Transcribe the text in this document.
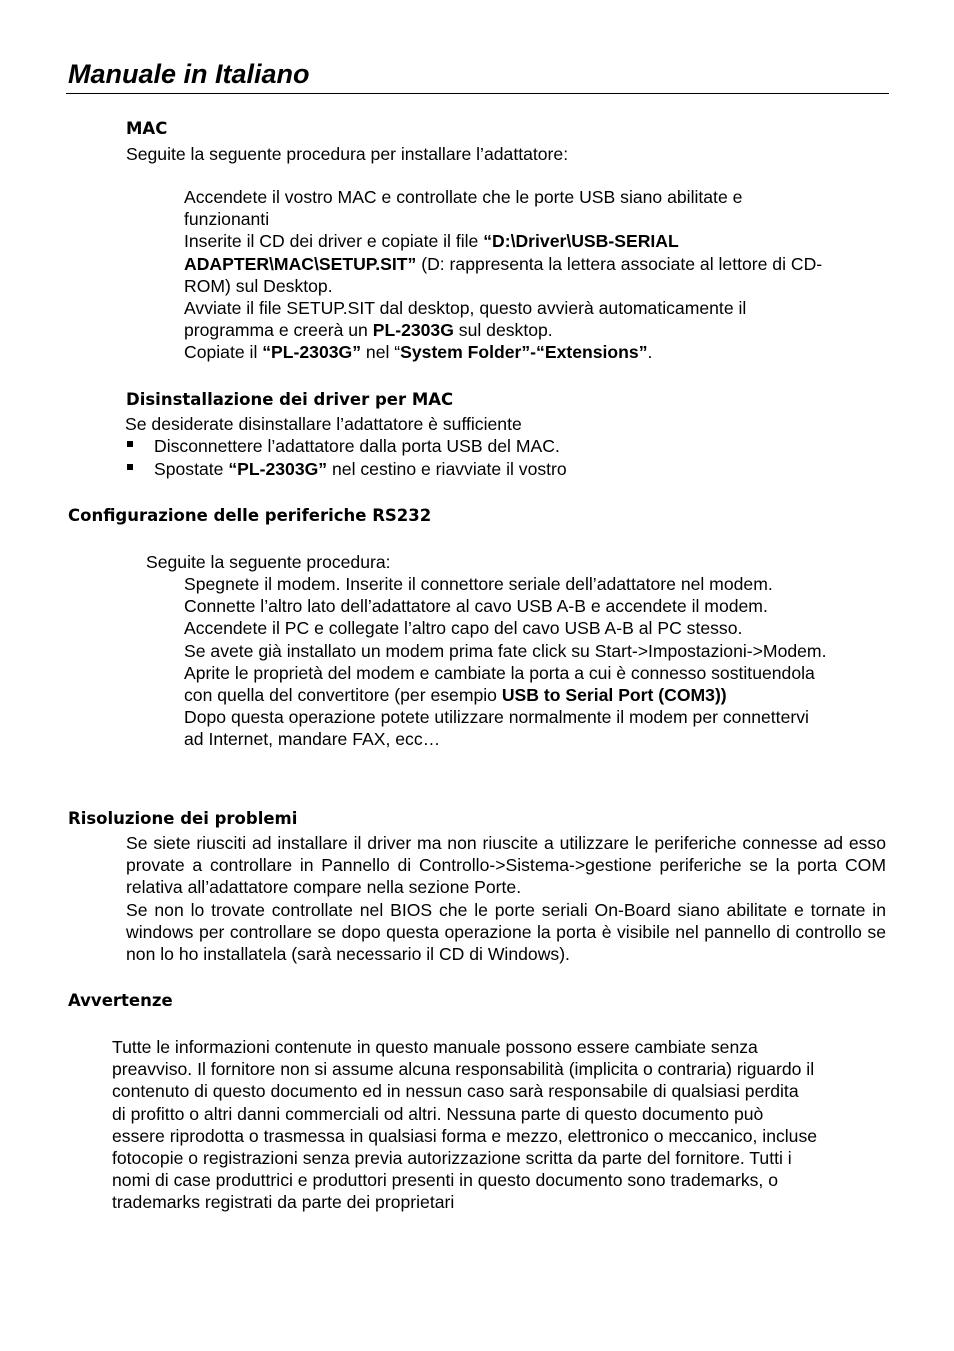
Manuale in Italiano
MAC
Seguite la seguente procedura per installare l’adattatore:
Accendete il vostro MAC e controllate che le porte USB siano abilitate e
funzionanti
Inserite il CD dei driver e copiate il file “D:\Driver\USB-SERIAL
ADAPTER\MAC\SETUP.SIT” (D: rappresenta la lettera associate al lettore di CD-
ROM) sul Desktop.
Avviate il file SETUP.SIT dal desktop, questo avvierà automaticamente il
programma e creerà un PL-2303G sul desktop.
Copiate il “PL-2303G” nel “System Folder”-“Extensions”.
Disinstallazione dei driver per MAC
Se desiderate disinstallare l’adattatore è sufficiente
Disconnettere l’adattatore dalla porta USB del MAC.
Spostate “PL-2303G” nel cestino e riavviate il vostro
Configurazione delle periferiche RS232
Seguite la seguente procedura:
Spegnete il modem. Inserite il connettore seriale dell’adattatore nel modem.
Connette l’altro lato dell’adattatore al cavo USB A-B e accendete il modem.
Accendete il PC e collegate l’altro capo del cavo USB A-B al PC stesso.
Se avete già installato un modem prima fate click su Start->Impostazioni->Modem.
Aprite le proprietà del modem e cambiate la porta a cui è connesso sostituendola
con quella del convertitore (per esempio USB to Serial Port (COM3))
Dopo questa operazione potete utilizzare normalmente il modem per connettervi
ad Internet, mandare FAX, ecc…
Risoluzione dei problemi

Se siete riusciti ad installare il driver ma non riuscite a utilizzare le periferiche connesse ad esso provate a controllare in Pannello di Controllo->Sistema->gestione periferiche se la porta COM relativa all’adattatore compare nella sezione Porte.

Se non lo trovate controllate nel BIOS che le porte seriali On-Board siano abilitate e tornate in windows per controllare se dopo questa operazione la porta è visibile nel pannello di controllo se non lo ho installatela (sarà necessario il CD di Windows).

Avvertenze
Tutte le informazioni contenute in questo manuale possono essere cambiate senza
preavviso. Il fornitore non si assume alcuna responsabilità (implicita o contraria) riguardo il
contenuto di questo documento ed in nessun caso sarà responsabile di qualsiasi perdita
di profitto o altri danni commerciali od altri. Nessuna parte di questo documento può
essere riprodotta o trasmessa in qualsiasi forma e mezzo, elettronico o meccanico, incluse
fotocopie o registrazioni senza previa autorizzazione scritta da parte del fornitore. Tutti i
nomi di case produttrici e produttori presenti in questo documento sono trademarks, o
trademarks registrati da parte dei proprietari
